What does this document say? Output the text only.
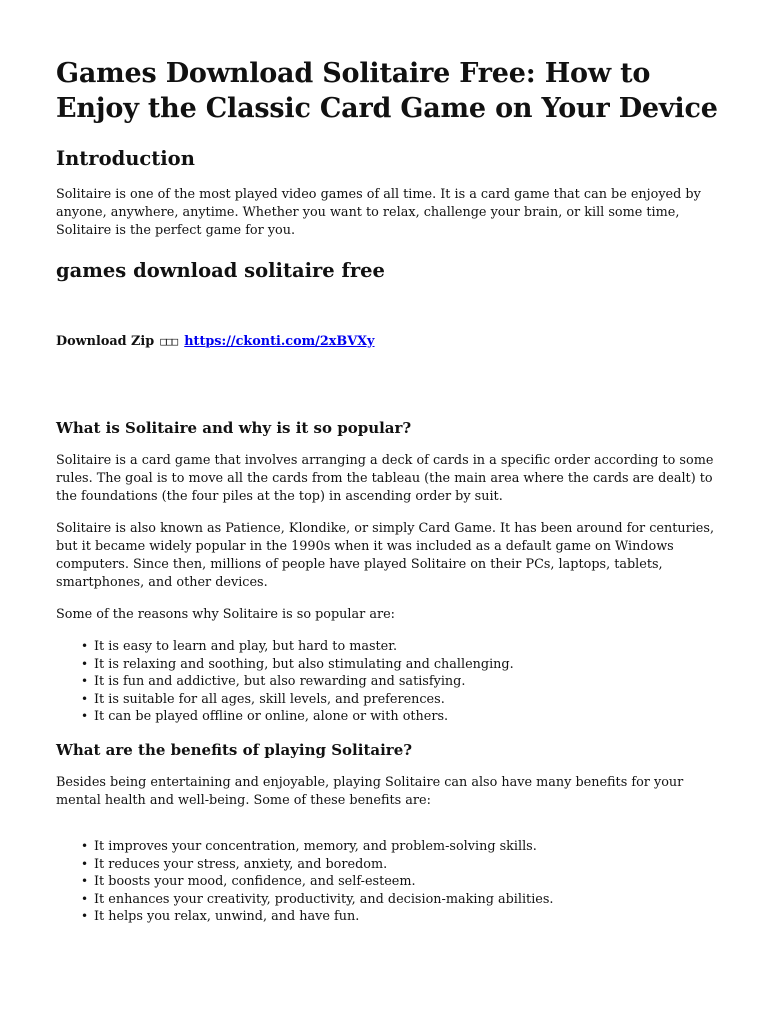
Games Download Solitaire Free: How to Enjoy the Classic Card Game on Your Device
Introduction

Solitaire is one of the most played video games of all time. It is a card game that can be enjoyed by anyone, anywhere, anytime. Whether you want to relax, challenge your brain, or kill some time, Solitaire is the perfect game for you.

games download solitaire free
Download Zip □□□ https://ckonti.com/2xBVXy
What is Solitaire and why is it so popular?

Solitaire is a card game that involves arranging a deck of cards in a specific order according to some rules. The goal is to move all the cards from the tableau (the main area where the cards are dealt) to the foundations (the four piles at the top) in ascending order by suit.

Solitaire is also known as Patience, Klondike, or simply Card Game. It has been around for centuries, but it became widely popular in the 1990s when it was included as a default game on Windows computers. Since then, millions of people have played Solitaire on their PCs, laptops, tablets, smartphones, and other devices.

Some of the reasons why Solitaire is so popular are:

• It is easy to learn and play, but hard to master.
• It is relaxing and soothing, but also stimulating and challenging.
• It is fun and addictive, but also rewarding and satisfying.
• It is suitable for all ages, skill levels, and preferences.
• It can be played offline or online, alone or with others.
What are the benefits of playing Solitaire?

Besides being entertaining and enjoyable, playing Solitaire can also have many benefits for your mental health and well-being. Some of these benefits are:

• It improves your concentration, memory, and problem-solving skills.
• It reduces your stress, anxiety, and boredom.
• It boosts your mood, confidence, and self-esteem.
• It enhances your creativity, productivity, and decision-making abilities.
• It helps you relax, unwind, and have fun.
